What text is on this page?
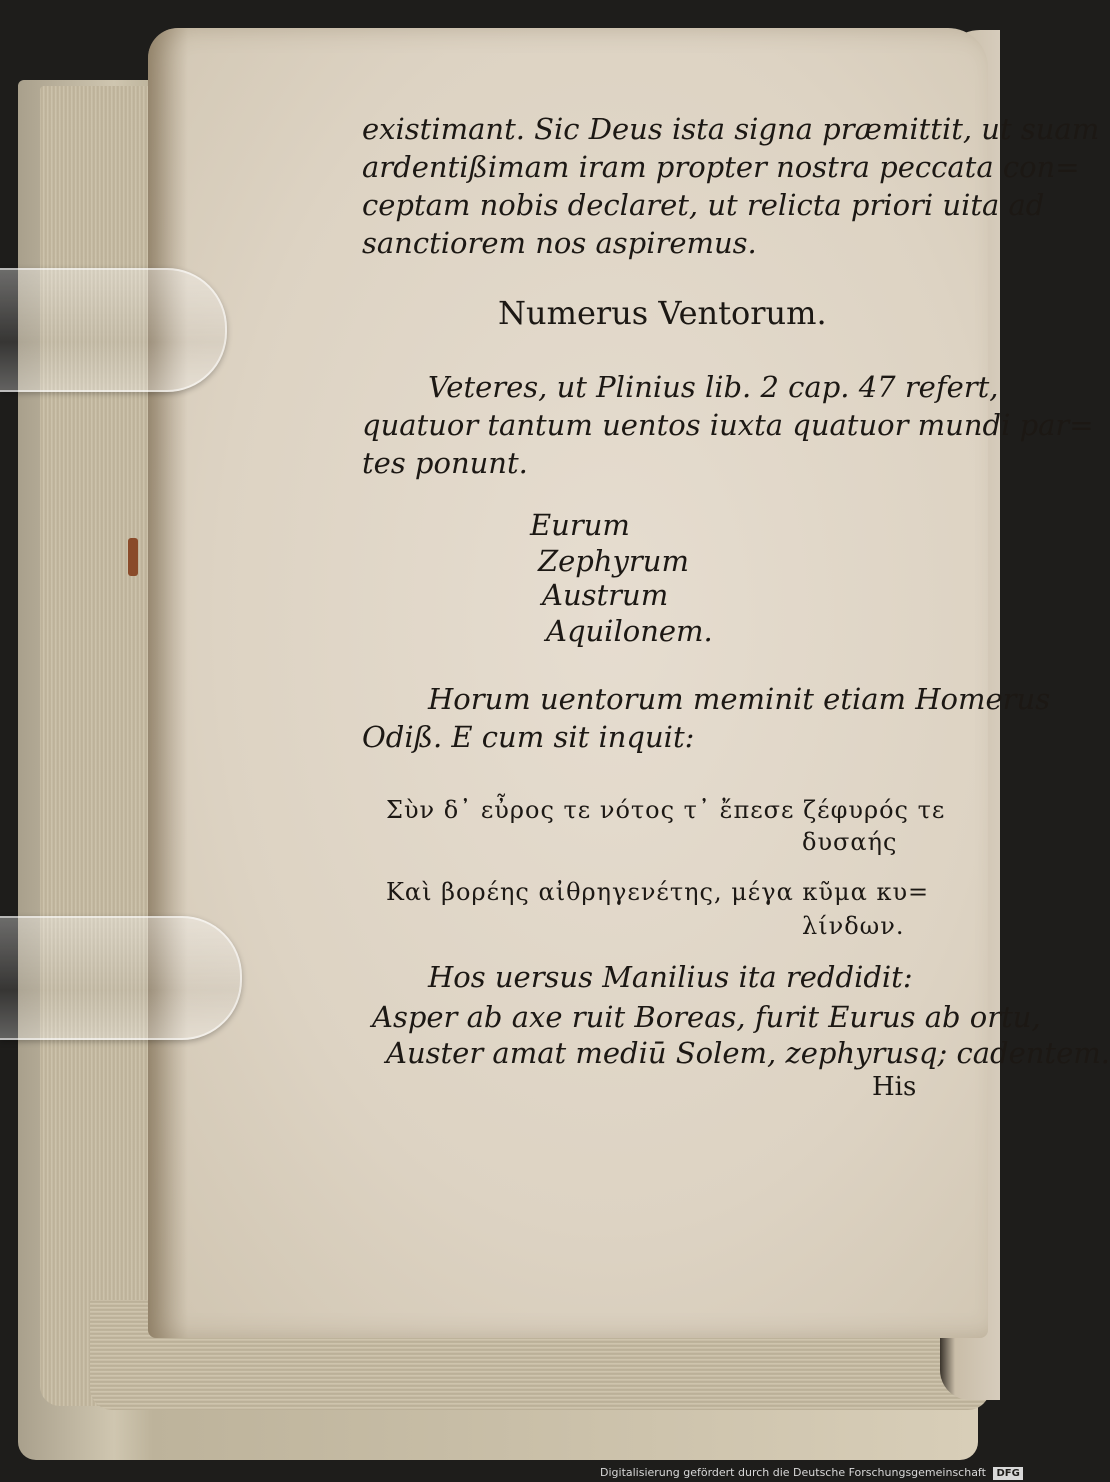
existimant. Sic Deus ista signa præmittit, ut suam
ardentißimam iram propter nostra peccata con=
ceptam nobis declaret, ut relicta priori uita ad
sanctiorem nos aspiremus.
Numerus Ventorum.
Veteres, ut Plinius lib. 2 cap. 47 refert,
quatuor tantum uentos iuxta quatuor mundi par=
tes ponunt.
Eurum
Zephyrum
Austrum
Aquilonem.
Horum uentorum meminit etiam Homerus
Odiß. E cum sit inquit:
Σὺν δ᾽ εὖρος τε νότος τ᾽ ἔπεσε ζέφυρός τε
δυσαής
Καὶ βορέης αἰθρηγενέτης, μέγα κῦμα κυ=
λίνδων.
Hos uersus Manilius ita reddidit:
Asper ab axe ruit Boreas, furit Eurus ab ortu,
Auster amat mediū Solem, zephyrusq; cadentem.
His
Digitalisierung gefördert durch die Deutsche Forschungsgemeinschaft DFG
